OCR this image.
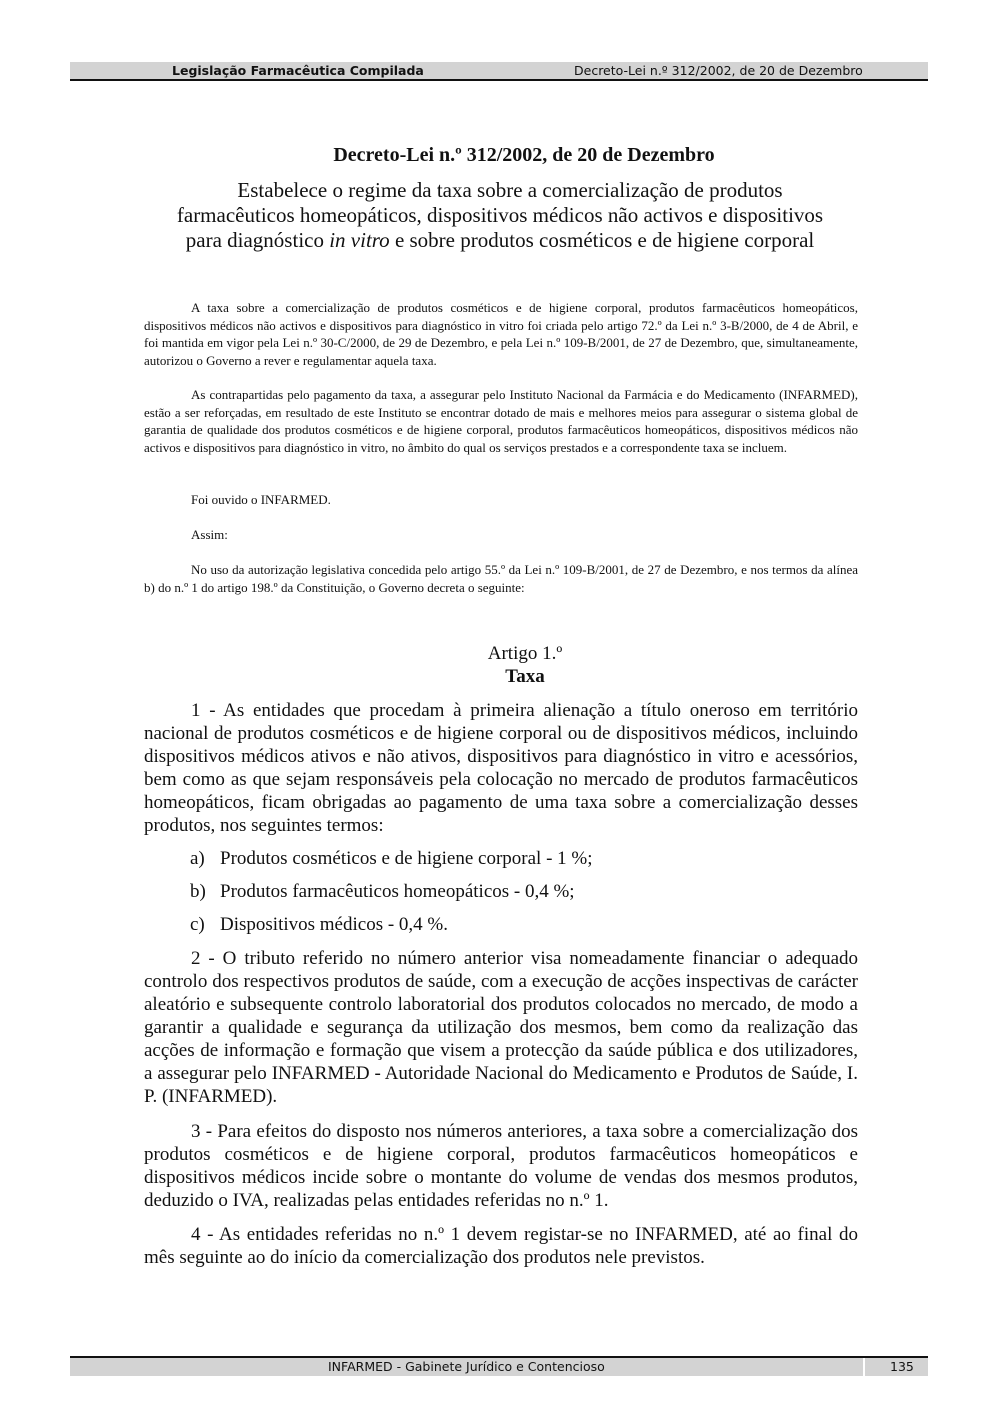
Legislação Farmacêutica Compilada	Decreto-Lei n.º 312/2002, de 20 de Dezembro
Decreto-Lei n.º 312/2002, de 20 de Dezembro
Estabelece o regime da taxa sobre a comercialização de produtos
farmacêuticos homeopáticos, dispositivos médicos não activos e dispositivos
para diagnóstico in vitro e sobre produtos cosméticos e de higiene corporal

A taxa sobre a comercialização de produtos cosméticos e de higiene corporal, produtos farmacêuticos homeopáticos, dispositivos médicos não activos e dispositivos para diagnóstico in vitro foi criada pelo artigo 72.º da Lei n.º 3-B/2000, de 4 de Abril, e foi mantida em vigor pela Lei n.º 30-C/2000, de 29 de Dezembro, e pela Lei n.º 109-B/2001, de 27 de Dezembro, que, simultaneamente, autorizou o Governo a rever e regulamentar aquela taxa.

As contrapartidas pelo pagamento da taxa, a assegurar pelo Instituto Nacional da Farmácia e do Medicamento (INFARMED), estão a ser reforçadas, em resultado de este Instituto se encontrar dotado de mais e melhores meios para assegurar o sistema global de garantia de qualidade dos produtos cosméticos e de higiene corporal, produtos farmacêuticos homeopáticos, dispositivos médicos não activos e dispositivos para diagnóstico in vitro, no âmbito do qual os serviços prestados e a correspondente taxa se incluem.

Foi ouvido o INFARMED.

Assim:

No uso da autorização legislativa concedida pelo artigo 55.º da Lei n.º 109-B/2001, de 27 de Dezembro, e nos termos da alínea b) do n.º 1 do artigo 198.º da Constituição, o Governo decreta o seguinte:

Artigo 1.º
Taxa

1 - As entidades que procedam à primeira alienação a título oneroso em território nacional de produtos cosméticos e de higiene corporal ou de dispositivos médicos, incluindo dispositivos médicos ativos e não ativos, dispositivos para diagnóstico in vitro e acessórios, bem como as que sejam responsáveis pela colocação no mercado de produtos farmacêuticos homeopáticos, ficam obrigadas ao pagamento de uma taxa sobre a comercialização desses produtos, nos seguintes termos:

a) Produtos cosméticos e de higiene corporal - 1 %;
b) Produtos farmacêuticos homeopáticos - 0,4 %;
c) Dispositivos médicos - 0,4 %.

2 - O tributo referido no número anterior visa nomeadamente financiar o adequado controlo dos respectivos produtos de saúde, com a execução de acções inspectivas de carácter aleatório e subsequente controlo laboratorial dos produtos colocados no mercado, de modo a garantir a qualidade e segurança da utilização dos mesmos, bem como da realização das acções de informação e formação que visem a protecção da saúde pública e dos utilizadores, a assegurar pelo INFARMED - Autoridade Nacional do Medicamento e Produtos de Saúde, I. P. (INFARMED).

3 - Para efeitos do disposto nos números anteriores, a taxa sobre a comercialização dos produtos cosméticos e de higiene corporal, produtos farmacêuticos homeopáticos e dispositivos médicos incide sobre o montante do volume de vendas dos mesmos produtos, deduzido o IVA, realizadas pelas entidades referidas no n.º 1.

4 - As entidades referidas no n.º 1 devem registar-se no INFARMED, até ao final do mês seguinte ao do início da comercialização dos produtos nele previstos.

INFARMED - Gabinete Jurídico e Contencioso	135
